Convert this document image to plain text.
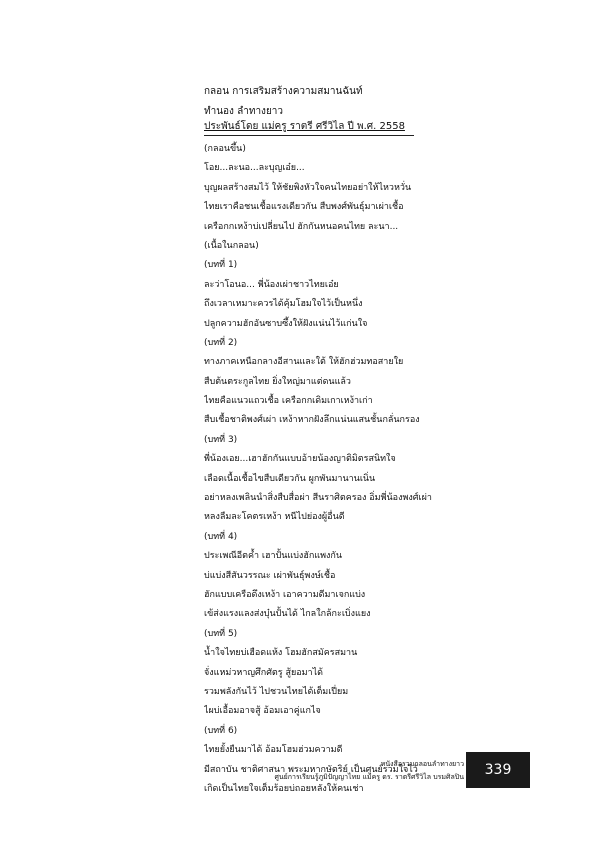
กลอน การเสริมสร้างความสมานฉันท์
ทำนอง ลำทางยาว
ประพันธ์โดย แม่ครู ราตรี ศรีวิไล ปี พ.ศ. 2558
(กลอนขึ้น)
โอย...ละนอ...ละบุญเอ๋ย...
บุญผลสร้างสมไว้ ให้ชัยพิงหัวใจคนไทยอย่าให้ไหวหวั่น
ไทยเราคือชนเชื้อแรงเดียวกัน สืบพงศ์พันธุ์มาเผ่าเชื้อ
เครือกกเหง้าบ่เปลี่ยนไป ฮักกันหนอคนไทย ละนา...
(เนื้อในกลอน)
(บทที่ 1)
ละว่าโอนอ... พี่น้องเผ่าชาวไทยเอ๋ย
ถึงเวลาเหมาะควรได้คุ้มโฮมใจไว้เป็นหนึ่ง
ปลูกความฮักอันซาบซึ้งให้ฝังแน่นไว้แก่นใจ
(บทที่ 2)
ทางภาคเหนือกลางอีสานและใต้ ให้ฮักฮ่วมทอสายใย
สืบต้นตระกูลไทย ยิ่งใหญ่มาแต่ดนแล้ว
ไทยคือแนวแถวเชื้อ เครือกกเดิมเกาเหง้าเก่า
สืบเชื้อชาติพงศ์เผ่า เหง้าหากฝังลึกแน่นแสนชั้นกลั่นกรอง
(บทที่ 3)
พี่น้องเอย...เฮาฮักกันแบบอ้ายน้องญาติมิตรสนิทใจ
เลือดเนื้อเชื้อไขสืบเดียวกัน ผูกพันมานานเนิ่น
อย่าหลงเพลินนำสิ่งสืบสื่อผ่า สีนราศิตครอง อิ่มพี่น้องพงศ์เผ่า
หลงลืมละโคตรเหง้า หนีไปย่องผู้อื่นดี
(บทที่ 4)
ประเพณีอีตค้ำ เฮาปั้นแบ่งฮักแพงกัน
บ่แบ่งสีสันวรรณะ เผ่าพันธุ์พงษ์เชื้อ
ฮักแบบเครือดึงเหง้า เอาความดีมาเจกแบ่ง
เข้ส่งแรงแลงส่งบุ๋นปั้นได้ ไกลใกล้กะเบิ่งแยง
(บทที่ 5)
น้ำใจไทยบ่เฮือดแห้ง โฮมฮักสมัครสมาน
จั่งแหม่วหาญศึกศัตรู สู้ยอมาได้
รวมพลังกันไว้ ไปชวนไทยได้เต็มเปี่ยม
ไผบ่เอื้อมอาจสู้ อ้อมเอาคู่แกไจ
(บทที่ 6)
ไทยยั้งยืนมาได้ อ้อมโฮมฮ่วมความดี
มีสถาบัน ชาติศาสนา พระมหากษัตริย์ เป็นศูนย์รวมใจไว้
เกิดเป็นไทยใจเต็มร้อยบ่ถอยหลังให้คนเช่า
หนังสือรวมกลอนลำทางยาว
ศูนย์การเรียนรู้ภูมิปัญญาไทย แม่ครู ดร. ราตรีศรีวิไล บรมศิลปิน 339
